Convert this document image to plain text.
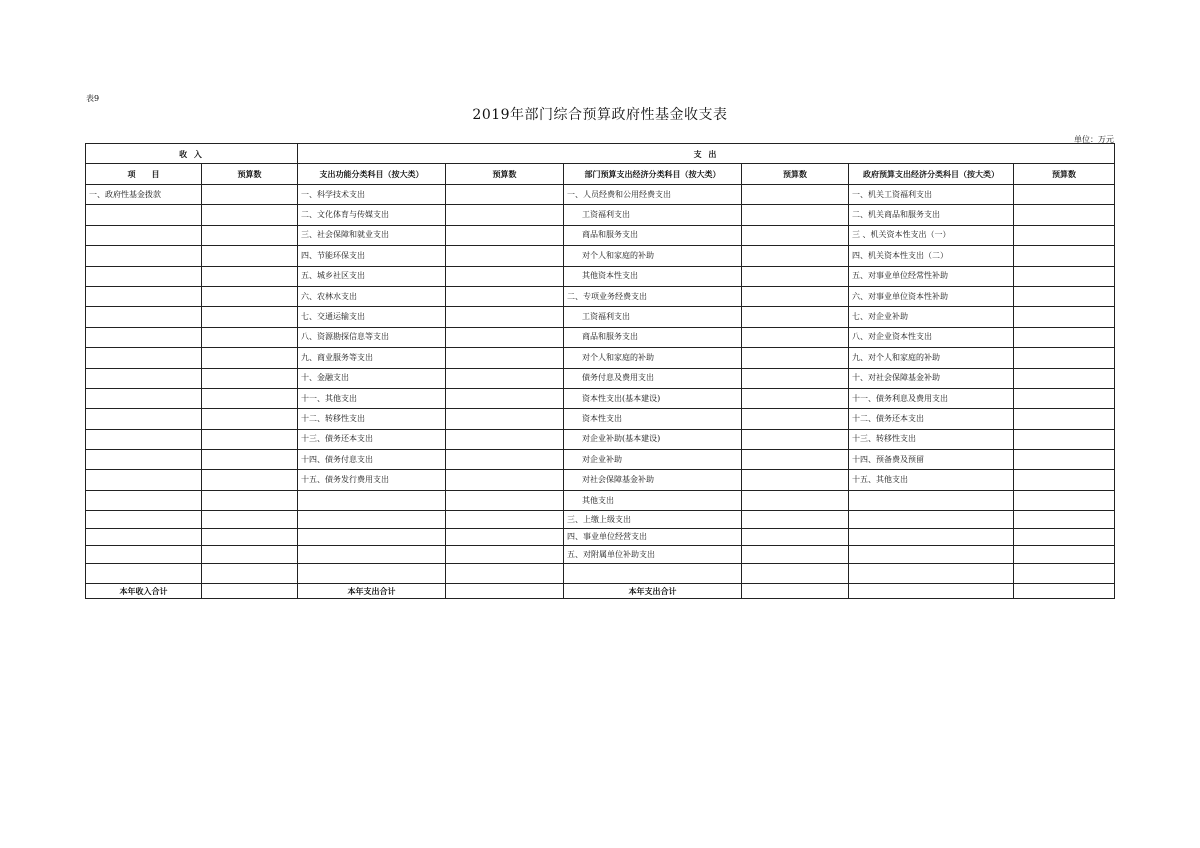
表9
2019年部门综合预算政府性基金收支表
单位：万元
收 入		支 出					
项　　目	预算数	支出功能分类科目（按大类）	预算数	部门预算支出经济分类科目（按大类）	预算数	政府预算支出经济分类科目（按大类）	预算数
一、政府性基金拨款		一、科学技术支出		一、人员经费和公用经费支出		一、机关工资福利支出	
		二、文化体育与传媒支出		工资福利支出		二、机关商品和服务支出	
		三、社会保障和就业支出		商品和服务支出		三 、机关资本性支出（一）	
		四、节能环保支出		对个人和家庭的补助		四、机关资本性支出（二）	
		五、城乡社区支出		其他资本性支出		五、对事业单位经常性补助	
		六、农林水支出		二、专项业务经费支出		六、对事业单位资本性补助	
		七、交通运输支出		工资福利支出		七、对企业补助	
		八、资源勘探信息等支出		商品和服务支出		八、对企业资本性支出	
		九、商业服务等支出		对个人和家庭的补助		九、对个人和家庭的补助	
		十、金融支出		债务付息及费用支出		十、对社会保障基金补助	
		十一、其他支出		资本性支出(基本建设)		十一、债务利息及费用支出	
		十二、转移性支出		资本性支出		十二、债务还本支出	
		十三、债务还本支出		对企业补助(基本建设)		十三、转移性支出	
		十四、债务付息支出		对企业补助		十四、预备费及预留	
		十五、债务发行费用支出		对社会保障基金补助		十五、其他支出	
				其他支出			
				三、上缴上级支出			
				四、事业单位经营支出			
				五、对附属单位补助支出			

本年收入合计		本年支出合计		本年支出合计			
